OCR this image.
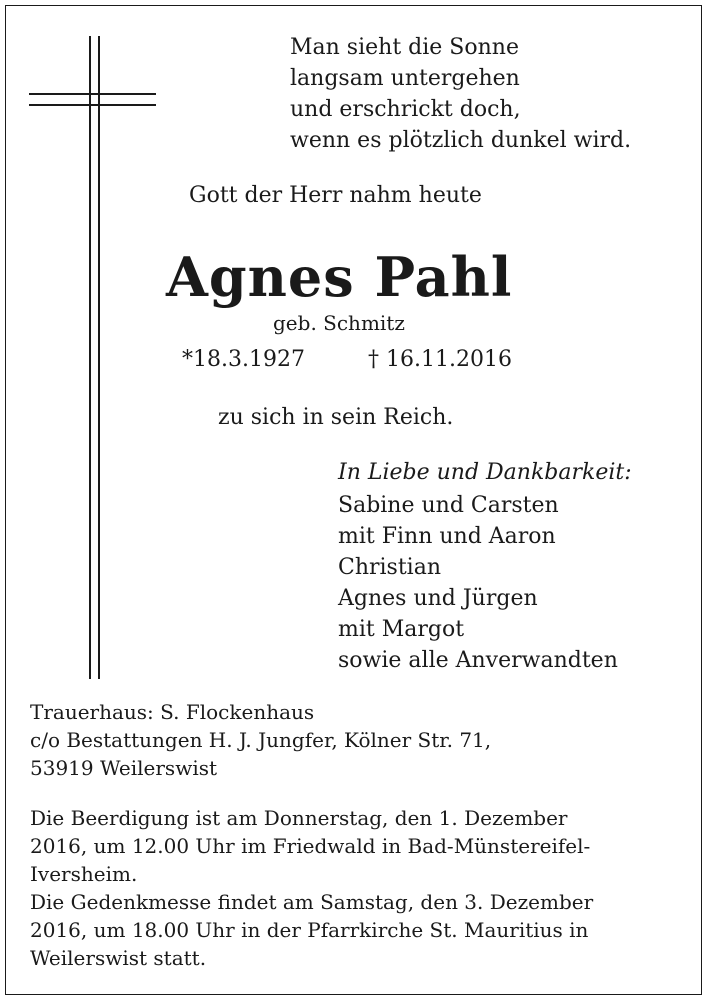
Man sieht die Sonne
langsam untergehen
und erschrickt doch,
wenn es plötzlich dunkel wird.

Gott der Herr nahm heute

Agnes Pahl

geb. Schmitz

*18.3.1927	† 16.11.2016

zu sich in sein Reich.

In Liebe und Dankbarkeit:

Sabine und Carsten
mit Finn und Aaron
Christian
Agnes und Jürgen
mit Margot
sowie alle Anverwandten
Trauerhaus: S. Flockenhaus
c/o Bestattungen H. J. Jungfer, Kölner Str. 71,
53919 Weilerswist
Die Beerdigung ist am Donnerstag, den 1. Dezember
2016, um 12.00 Uhr im Friedwald in Bad-Münstereifel-
Iversheim.
Die Gedenkmesse findet am Samstag, den 3. Dezember
2016, um 18.00 Uhr in der Pfarrkirche St. Mauritius in
Weilerswist statt.
